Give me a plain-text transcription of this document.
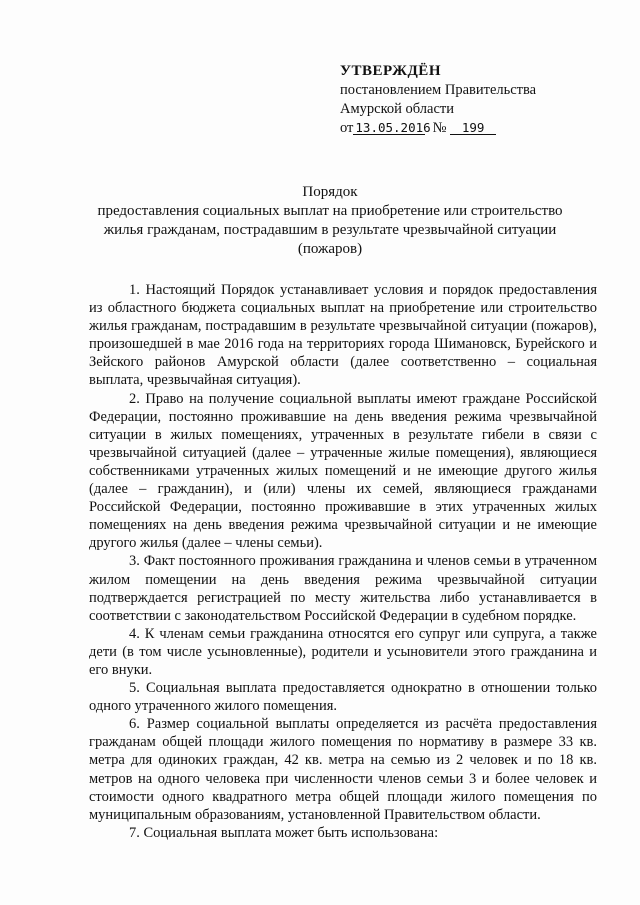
УТВЕРЖДЁН
постановлением Правительства
Амурской области
от 13.05.2016 № 199
Порядок
предоставления социальных выплат на приобретение или строительство
жилья гражданам, пострадавшим в результате чрезвычайной ситуации
(пожаров)

1. Настоящий Порядок устанавливает условия и порядок предоставления из областного бюджета социальных выплат на приобретение или строительство жилья гражданам, пострадавшим в результате чрезвычайной ситуации (пожаров), произошедшей в мае 2016 года на территориях города Шимановск, Бурейского и Зейского районов Амурской области (далее соответственно – социальная выплата, чрезвычайная ситуация).

2. Право на получение социальной выплаты имеют граждане Российской Федерации, постоянно проживавшие на день введения режима чрезвычайной ситуации в жилых помещениях, утраченных в результате гибели в связи с чрезвычайной ситуацией (далее – утраченные жилые помещения), являющиеся собственниками утраченных жилых помещений и не имеющие другого жилья (далее – гражданин), и (или) члены их семей, являющиеся гражданами Российской Федерации, постоянно проживавшие в этих утраченных жилых помещениях на день введения режима чрезвычайной ситуации и не имеющие другого жилья (далее – члены семьи).

3. Факт постоянного проживания гражданина и членов семьи в утраченном жилом помещении на день введения режима чрезвычайной ситуации подтверждается регистрацией по месту жительства либо устанавливается в соответствии с законодательством Российской Федерации в судебном порядке.

4. К членам семьи гражданина относятся его супруг или супруга, а также дети (в том числе усыновленные), родители и усыновители этого гражданина и его внуки.

5. Социальная выплата предоставляется однократно в отношении только одного утраченного жилого помещения.

6. Размер социальной выплаты определяется из расчёта предоставления гражданам общей площади жилого помещения по нормативу в размере 33 кв. метра для одиноких граждан, 42 кв. метра на семью из 2 человек и по 18 кв. метров на одного человека при численности членов семьи 3 и более человек и стоимости одного квадратного метра общей площади жилого помещения по муниципальным образованиям, установленной Правительством области.

7. Социальная выплата может быть использована:
